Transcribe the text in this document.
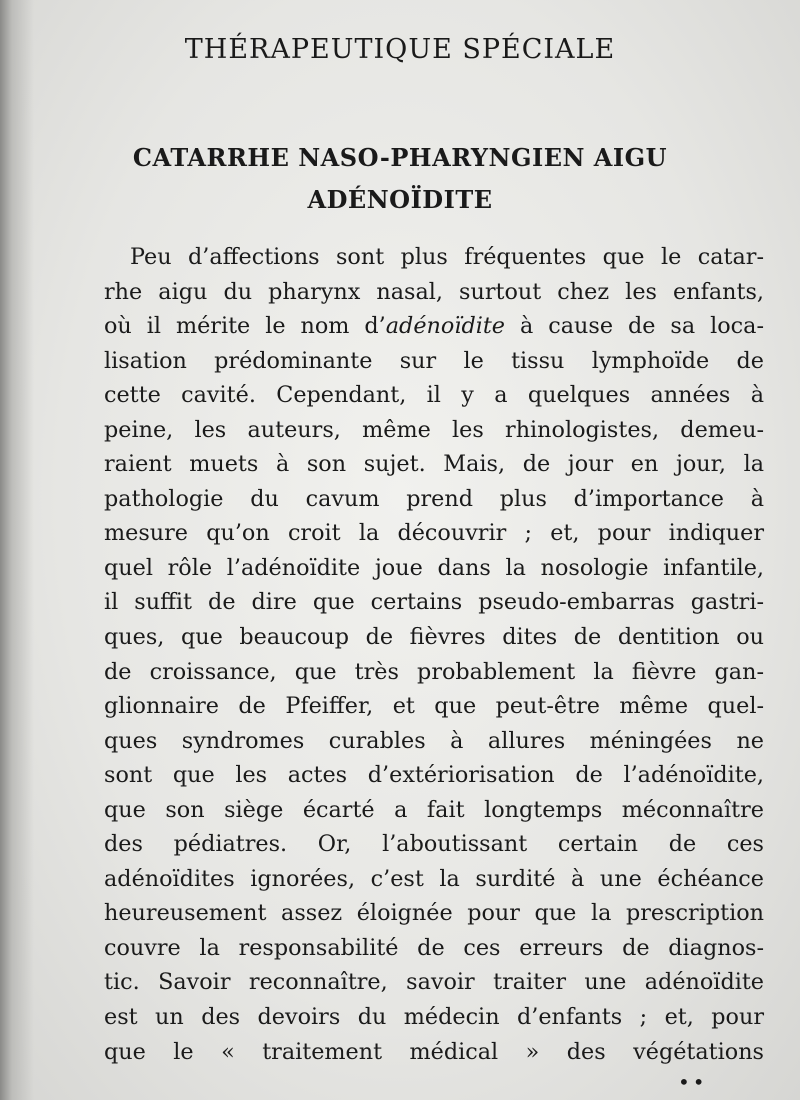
THÉRAPEUTIQUE SPÉCIALE
CATARRHE NASO-PHARYNGIEN AIGU
ADÉNOÏDITE
Peu d’affections sont plus fréquentes que le catar-
rhe aigu du pharynx nasal, surtout chez les enfants,
où il mérite le nom d’adénoïdite à cause de sa loca-
lisation prédominante sur le tissu lymphoïde de
cette cavité. Cependant, il y a quelques années à
peine, les auteurs, même les rhinologistes, demeu-
raient muets à son sujet. Mais, de jour en jour, la
pathologie du cavum prend plus d’importance à
mesure qu’on croit la découvrir ; et, pour indiquer
quel rôle l’adénoïdite joue dans la nosologie infantile,
il suffit de dire que certains pseudo-embarras gastri-
ques, que beaucoup de fièvres dites de dentition ou
de croissance, que très probablement la fièvre gan-
glionnaire de Pfeiffer, et que peut-être même quel-
ques syndromes curables à allures méningées ne
sont que les actes d’extériorisation de l’adénoïdite,
que son siège écarté a fait longtemps méconnaître
des pédiatres. Or, l’aboutissant certain de ces
adénoïdites ignorées, c’est la surdité à une échéance
heureusement assez éloignée pour que la prescription
couvre la responsabilité de ces erreurs de diagnos-
tic. Savoir reconnaître, savoir traiter une adénoïdite
est un des devoirs du médecin d’enfants ; et, pour
que le « traitement médical » des végétations
••
